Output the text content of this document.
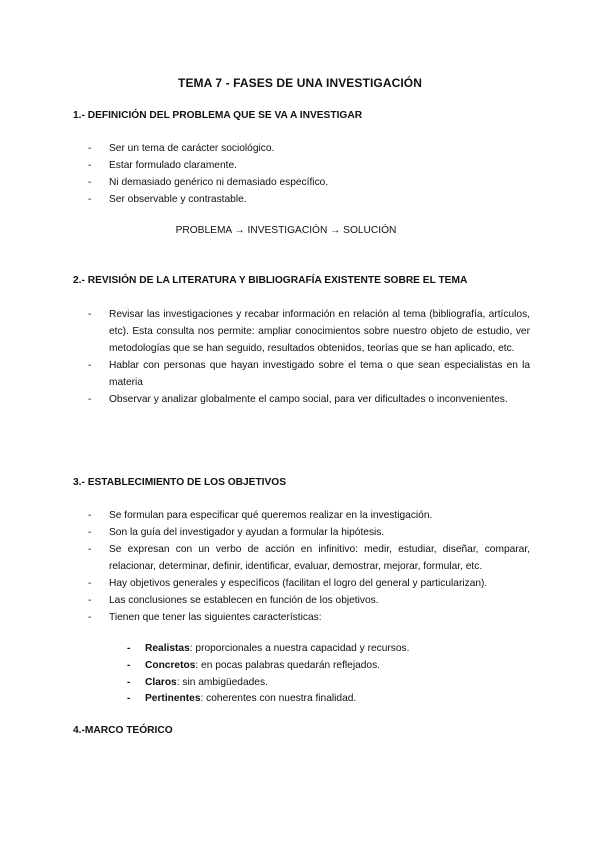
TEMA 7 - FASES DE UNA INVESTIGACIÓN
1.- DEFINICIÓN DEL PROBLEMA QUE SE VA A INVESTIGAR
- Ser un tema de carácter sociológico.
- Estar formulado claramente.
- Ni demasiado genérico ni demasiado específico.
- Ser observable y contrastable.
PROBLEMA → INVESTIGACIÓN → SOLUCIÓN
2.- REVISIÓN DE LA LITERATURA Y BIBLIOGRAFÍA EXISTENTE SOBRE EL TEMA
- Revisar las investigaciones y recabar información en relación al tema (bibliografía, artículos, etc). Esta consulta nos permite: ampliar conocimientos sobre nuestro objeto de estudio, ver metodologías que se han seguido, resultados obtenidos, teorías que se han aplicado, etc.
- Hablar con personas que hayan investigado sobre el tema o que sean especialistas en la materia
- Observar y analizar globalmente el campo social, para ver dificultades o inconvenientes.
3.- ESTABLECIMIENTO DE LOS OBJETIVOS
- Se formulan para especificar qué queremos realizar en la investigación.
- Son la guía del investigador y ayudan a formular la hipótesis.
- Se expresan con un verbo de acción en infinitivo: medir, estudiar, diseñar, comparar, relacionar, determinar, definir, identificar, evaluar, demostrar, mejorar, formular, etc.
- Hay objetivos generales y específicos (facilitan el logro del general y particularizan).
- Las conclusiones se establecen en función de los objetivos.
- Tienen que tener las siguientes características:
- Realistas: proporcionales a nuestra capacidad y recursos.
- Concretos: en pocas palabras quedarán reflejados.
- Claros: sin ambigüedades.
- Pertinentes: coherentes con nuestra finalidad.
4.-MARCO TEÓRICO
